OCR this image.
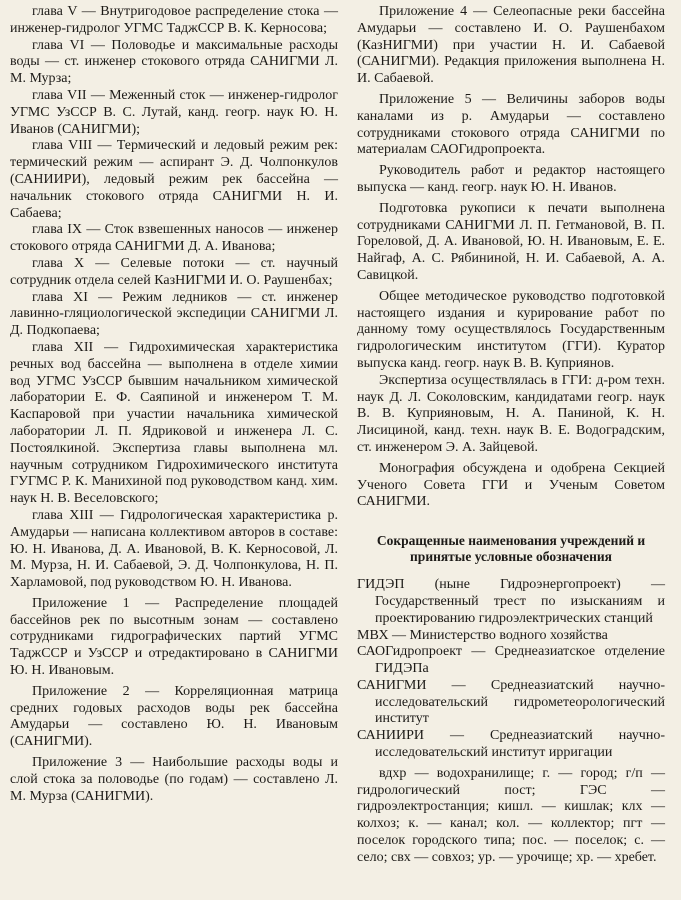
глава V — Внутригодовое распределение стока — инженер-гидролог УГМС ТаджССР В. К. Керносова;

глава VI — Половодье и максимальные расходы воды — ст. инженер стокового отряда САНИГМИ Л. М. Мурза;

глава VII — Меженный сток — инженер-гидролог УГМС УзССР В. С. Лутай, канд. геогр. наук Ю. Н. Иванов (САНИГМИ);

глава VIII — Термический и ледовый режим рек: термический режим — аспирант Э. Д. Чолпонкулов (САНИИРИ), ледовый режим рек бассейна — начальник стокового отряда САНИГМИ Н. И. Сабаева;

глава IX — Сток взвешенных наносов — инженер стокового отряда САНИГМИ Д. А. Иванова;

глава X — Селевые потоки — ст. научный сотрудник отдела селей КазНИГМИ И. О. Раушенбах;

глава XI — Режим ледников — ст. инженер лавинно-гляциологической экспедиции САНИГМИ Л. Д. Подкопаева;

глава XII — Гидрохимическая характеристика речных вод бассейна — выполнена в отделе химии вод УГМС УзССР бывшим начальником химической лаборатории Е. Ф. Саяпиной и инженером Т. М. Каспаровой при участии начальника химической лаборатории Л. П. Ядриковой и инженера Л. С. Постоялкиной. Экспертиза главы выполнена мл. научным сотрудником Гидрохимического института ГУГМС Р. К. Манихиной под руководством канд. хим. наук Н. В. Веселовского;

глава XIII — Гидрологическая характеристика р. Амударьи — написана коллективом авторов в составе: Ю. Н. Иванова, Д. А. Ивановой, В. К. Керносовой, Л. М. Мурза, Н. И. Сабаевой, Э. Д. Чолпонкулова, Н. П. Харламовой, под руководством Ю. Н. Иванова.

Приложение 1 — Распределение площадей бассейнов рек по высотным зонам — составлено сотрудниками гидрографических партий УГМС ТаджССР и УзССР и отредактировано в САНИГМИ Ю. Н. Ивановым.

Приложение 2 — Корреляционная матрица средних годовых расходов воды рек бассейна Амударьи — составлено Ю. Н. Ивановым (САНИГМИ).

Приложение 3 — Наибольшие расходы воды и слой стока за половодье (по годам) — составлено Л. М. Мурза (САНИГМИ).

Приложение 4 — Селеопасные реки бассейна Амударьи — составлено И. О. Раушенбахом (КазНИГМИ) при участии Н. И. Сабаевой (САНИГМИ). Редакция приложения выполнена Н. И. Сабаевой.

Приложение 5 — Величины заборов воды каналами из р. Амударьи — составлено сотрудниками стокового отряда САНИГМИ по материалам САОГидропроекта.

Руководитель работ и редактор настоящего выпуска — канд. геогр. наук Ю. Н. Иванов.

Подготовка рукописи к печати выполнена сотрудниками САНИГМИ Л. П. Гетмановой, В. П. Гореловой, Д. А. Ивановой, Ю. Н. Ивановым, Е. Е. Найгаф, А. С. Рябининой, Н. И. Сабаевой, А. А. Савицкой.

Общее методическое руководство подготовкой настоящего издания и курирование работ по данному тому осуществлялось Государственным гидрологическим институтом (ГГИ). Куратор выпуска канд. геогр. наук В. В. Куприянов.

Экспертиза осуществлялась в ГГИ: д-ром техн. наук Д. Л. Соколовским, кандидатами геогр. наук В. В. Куприяновым, Н. А. Паниной, К. Н. Лисициной, канд. техн. наук В. Е. Водоградским, ст. инженером Э. А. Зайцевой.

Монография обсуждена и одобрена Секцией Ученого Совета ГГИ и Ученым Советом САНИГМИ.

Сокращенные наименования учреждений и принятые условные обозначения

ГИДЭП (ныне Гидроэнергопроект) — Государственный трест по изысканиям и проектированию гидроэлектрических станций

МВХ — Министерство водного хозяйства

САОГидропроект — Среднеазиатское отделение ГИДЭПа

САНИГМИ — Среднеазиатский научно-исследовательский гидрометеорологический институт

САНИИРИ — Среднеазиатский научно-исследовательский институт ирригации

вдхр — водохранилище; г. — город; г/п — гидрологический пост; ГЭС — гидроэлектростанция; кишл. — кишлак; клх — колхоз; к. — канал; кол. — коллектор; пгт — поселок городского типа; пос. — поселок; с. — село; свх — совхоз; ур. — урочище; хр. — хребет.
